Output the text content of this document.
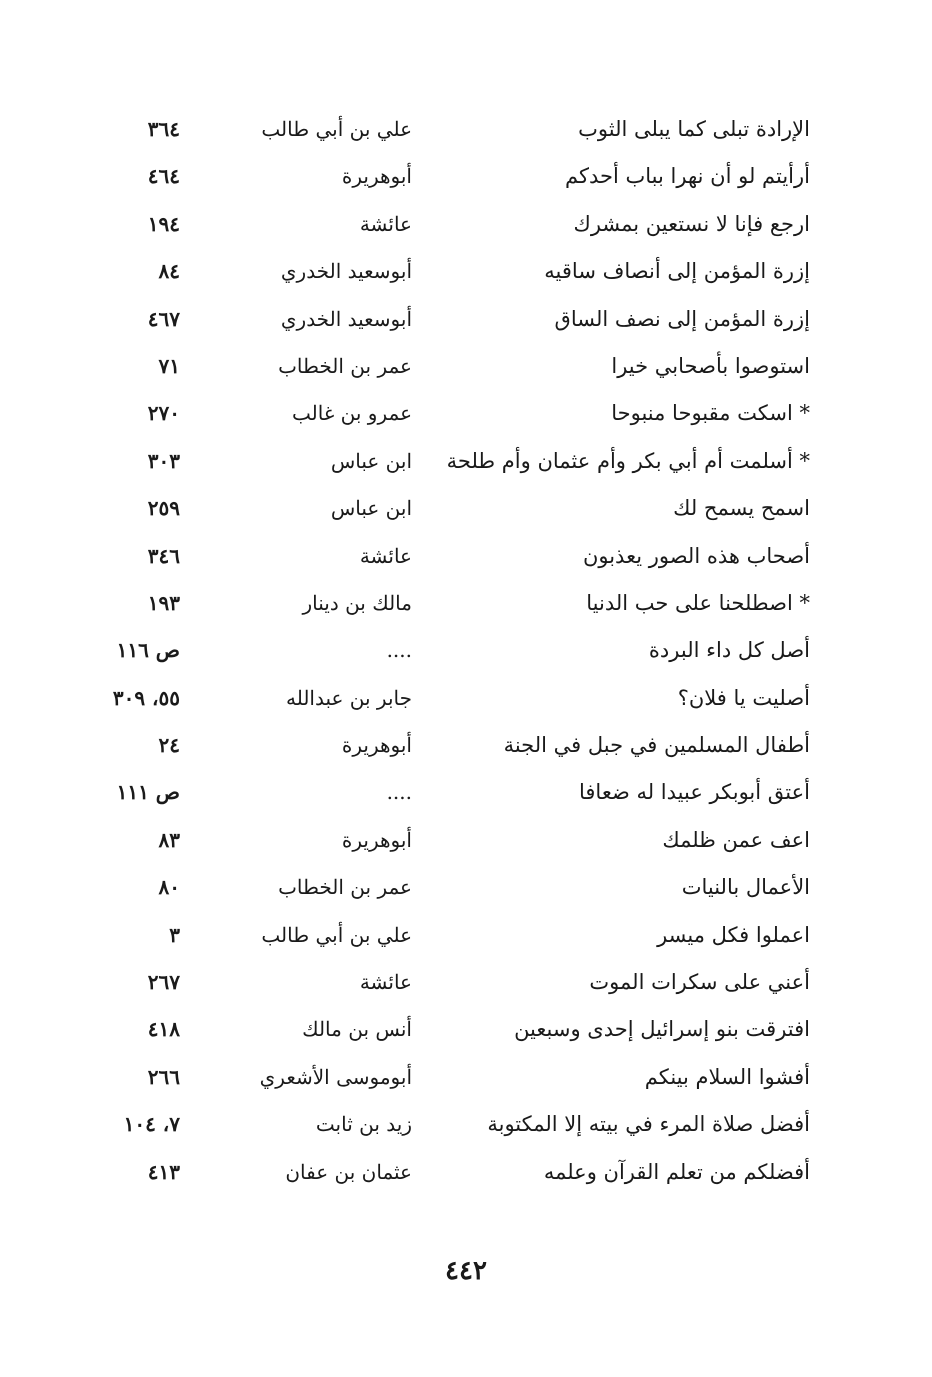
الإرادة تبلى كما يبلى الثوب
علي بن أبي طالب
٣٦٤
أرأيتم لو أن نهرا بباب أحدكم
أبوهريرة
٤٦٤
ارجع فإنا لا نستعين بمشرك
عائشة
١٩٤
إزرة المؤمن إلى أنصاف ساقيه
أبوسعيد الخدري
٨٤
إزرة المؤمن إلى نصف الساق
أبوسعيد الخدري
٤٦٧
استوصوا بأصحابي خيرا
عمر بن الخطاب
٧١
* اسكت مقبوحا منبوحا
عمرو بن غالب
٢٧٠
* أسلمت أم أبي بكر وأم عثمان وأم طلحة
ابن عباس
٣٠٣
اسمح يسمح لك
ابن عباس
٢٥٩
أصحاب هذه الصور يعذبون
عائشة
٣٤٦
* اصطلحنا على حب الدنيا
مالك بن دينار
١٩٣
أصل كل داء البردة
....
ص ١١٦
أصليت يا فلان؟
جابر بن عبدالله
٥٥، ٣٠٩
أطفال المسلمين في جبل في الجنة
أبوهريرة
٢٤
أعتق أبوبكر عبيدا له ضعافا
....
ص ١١١
اعف عمن ظلمك
أبوهريرة
٨٣
الأعمال بالنيات
عمر بن الخطاب
٨٠
اعملوا فكل ميسر
علي بن أبي طالب
٣
أعني على سكرات الموت
عائشة
٢٦٧
افترقت بنو إسرائيل إحدى وسبعين
أنس بن مالك
٤١٨
أفشوا السلام بينكم
أبوموسى الأشعري
٢٦٦
أفضل صلاة المرء في بيته إلا المكتوبة
زيد بن ثابت
٧، ١٠٤
أفضلكم من تعلم القرآن وعلمه
عثمان بن عفان
٤١٣
٤٤٢
